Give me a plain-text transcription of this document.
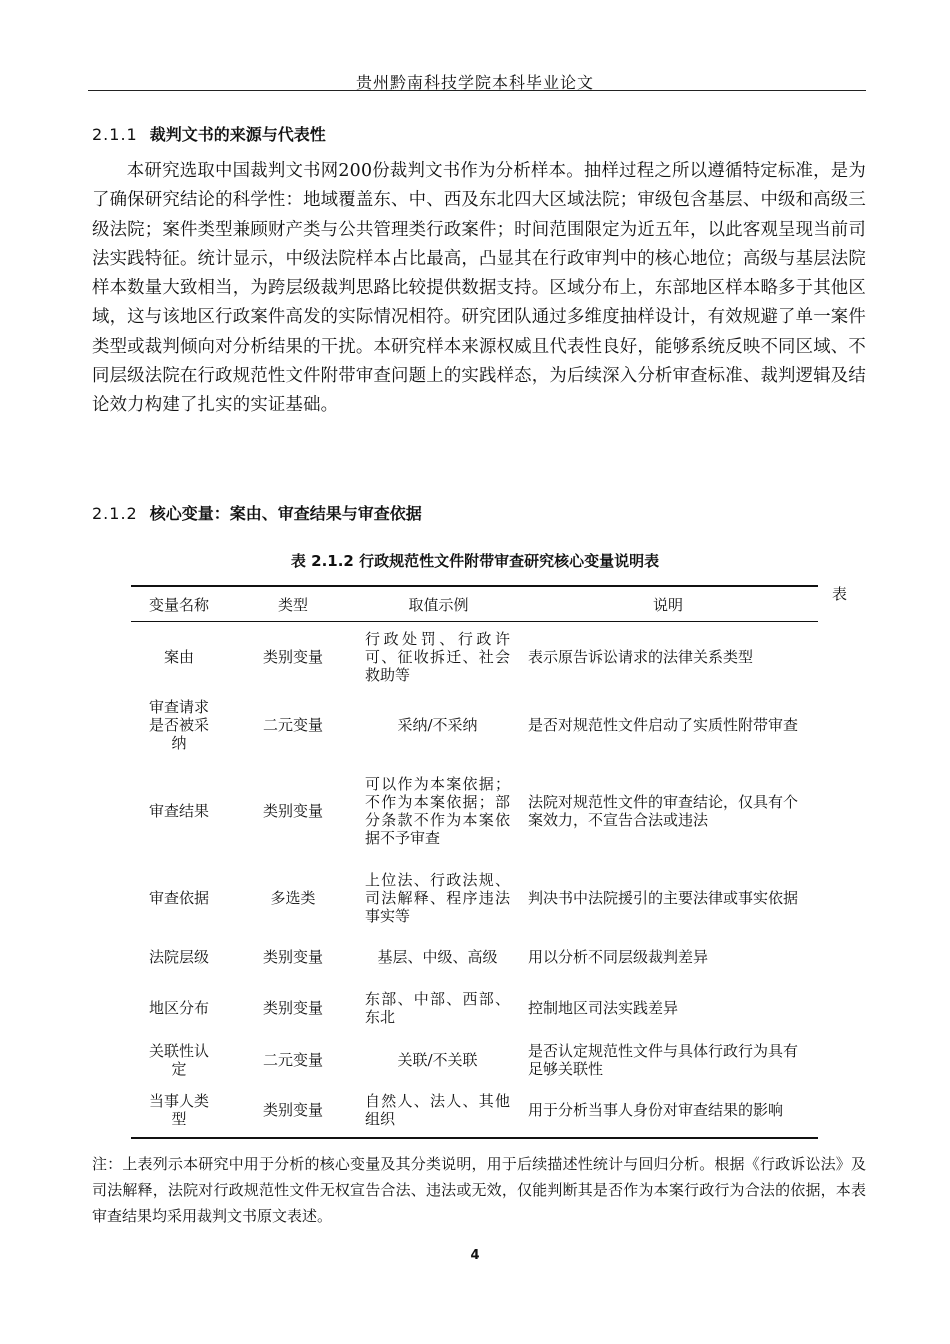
贵州黔南科技学院本科毕业论文
2.1.1 裁判文书的来源与代表性

本研究选取中国裁判文书网200份裁判文书作为分析样本。抽样过程之所以遵循特定标准，是为了确保研究结论的科学性：地域覆盖东、中、西及东北四大区域法院；审级包含基层、中级和高级三级法院；案件类型兼顾财产类与公共管理类行政案件；时间范围限定为近五年，以此客观呈现当前司法实践特征。统计显示，中级法院样本占比最高，凸显其在行政审判中的核心地位；高级与基层法院样本数量大致相当，为跨层级裁判思路比较提供数据支持。区域分布上，东部地区样本略多于其他区域，这与该地区行政案件高发的实际情况相符。研究团队通过多维度抽样设计，有效规避了单一案件类型或裁判倾向对分析结果的干扰。本研究样本来源权威且代表性良好，能够系统反映不同区域、不同层级法院在行政规范性文件附带审查问题上的实践样态，为后续深入分析审查标准、裁判逻辑及结论效力构建了扎实的实证基础。

2.1.2 核心变量：案由、审查结果与审查依据
表 2.1.2 行政规范性文件附带审查研究核心变量说明表
表
变量名称	类型	取值示例	说明
案由	类别变量	行政处罚、行政许可、征收拆迁、社会救助等	表示原告诉讼请求的法律关系类型
审查请求是否被采纳	二元变量	采纳/不采纳	是否对规范性文件启动了实质性附带审查
审查结果	类别变量	可以作为本案依据；不作为本案依据；部分条款不作为本案依据不予审查	法院对规范性文件的审查结论，仅具有个案效力，不宣告合法或违法
审查依据	多选类	上位法、行政法规、司法解释、程序违法事实等	判决书中法院援引的主要法律或事实依据
法院层级	类别变量	基层、中级、高级	用以分析不同层级裁判差异
地区分布	类别变量	东部、中部、西部、东北	控制地区司法实践差异
关联性认定	二元变量	关联/不关联	是否认定规范性文件与具体行政行为具有足够关联性
当事人类型	类别变量	自然人、法人、其他组织	用于分析当事人身份对审查结果的影响

注：上表列示本研究中用于分析的核心变量及其分类说明，用于后续描述性统计与回归分析。根据《行政诉讼法》及司法解释，法院对行政规范性文件无权宣告合法、违法或无效，仅能判断其是否作为本案行政行为合法的依据，本表审查结果均采用裁判文书原文表述。

4
